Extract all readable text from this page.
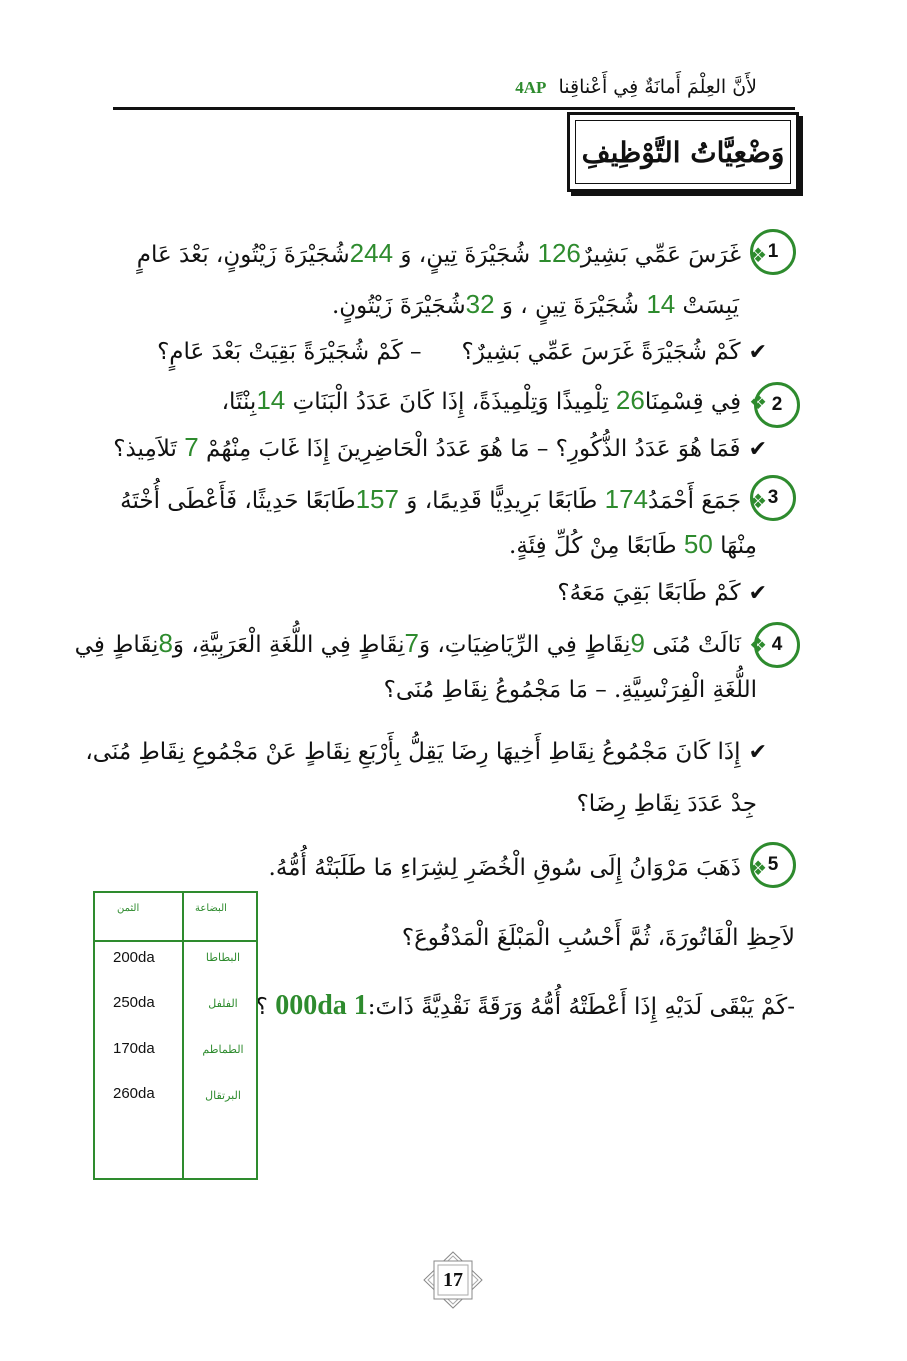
لأَنَّ العِلْمَ أَمانَةٌ فِي أَعْناقِنا  4AP
وَضْعِيَّاتُ التَّوْظِيفِ
1
❖غَرَسَ عَمِّي بَشِيرٌ126 شُجَيْرَةَ تِينٍ، وَ 244شُجَيْرَةَ زَيْتُونٍ، بَعْدَ عَامٍ
يَبِسَتْ 14 شُجَيْرَةَ تِينٍ ، وَ 32شُجَيْرَةَ زَيْتُونٍ.
✔كَمْ شُجَيْرَةً غَرَسَ عَمِّي بَشِيرٌ؟– كَمْ شُجَيْرَةً بَقِيَتْ بَعْدَ عَامٍ؟
2
❖فِي قِسْمِنَا26 تِلْمِيذًا وَتِلْمِيذَةً، إِذَا كَانَ عَدَدُ الْبَنَاتِ 14بِنْتًا،
✔فَمَا هُوَ عَدَدُ الذُّكُورِ؟ – مَا هُوَ عَدَدُ الْحَاضِرِينَ إِذَا غَابَ مِنْهُمْ 7 تَلاَمِيذ؟
3
❖جَمَعَ أَحْمَدُ174 طَابَعًا بَرِيدِيًّا قَدِيمًا، وَ 157طَابَعًا حَدِيثًا، فَأَعْطَى أُخْتَهُ
مِنْهَا 50 طَابَعًا مِنْ كُلِّ فِئَةٍ.
✔كَمْ طَابَعًا بَقِيَ مَعَهُ؟
4
❖نَالَتْ مُنَى 9نِقَاطٍ فِي الرِّيَاضِيَاتِ، وَ7نِقَاطٍ فِي اللُّغَةِ الْعَرَبِيَّةِ، وَ8نِقَاطٍ فِي
اللُّغَةِ الْفِرَنْسِيَّةِ. – مَا مَجْمُوعُ نِقَاطِ مُنَى؟
✔إِذَا كَانَ مَجْمُوعُ نِقَاطِ أَخِيهَا رِضَا يَقِلُّ بِأَرْبَعِ نِقَاطٍ عَنْ مَجْمُوعِ نِقَاطِ مُنَى،
جِدْ عَدَدَ نِقَاطِ رِضَا؟
5
❖ذَهَبَ مَرْوَانُ إِلَى سُوقِ الْخُضَرِ لِشِرَاءِ مَا طَلَبَتْهُ أُمُّهُ.
لاَحِظِ الْفَاتُورَةَ، ثُمَّ أَحْسُبِ الْمَبْلَغَ الْمَدْفُوعَ؟
-كَمْ يَبْقَى لَدَيْهِ إِذَا أَعْطَتْهُ أُمُّهُ وَرَقَةً نَقْدِيَّةً ذَاتَ:1 000da ؟
الثمن	البضاعة
200da	البطاطا
250da	الفلفل
170da	الطماطم
260da	البرتقال
17
